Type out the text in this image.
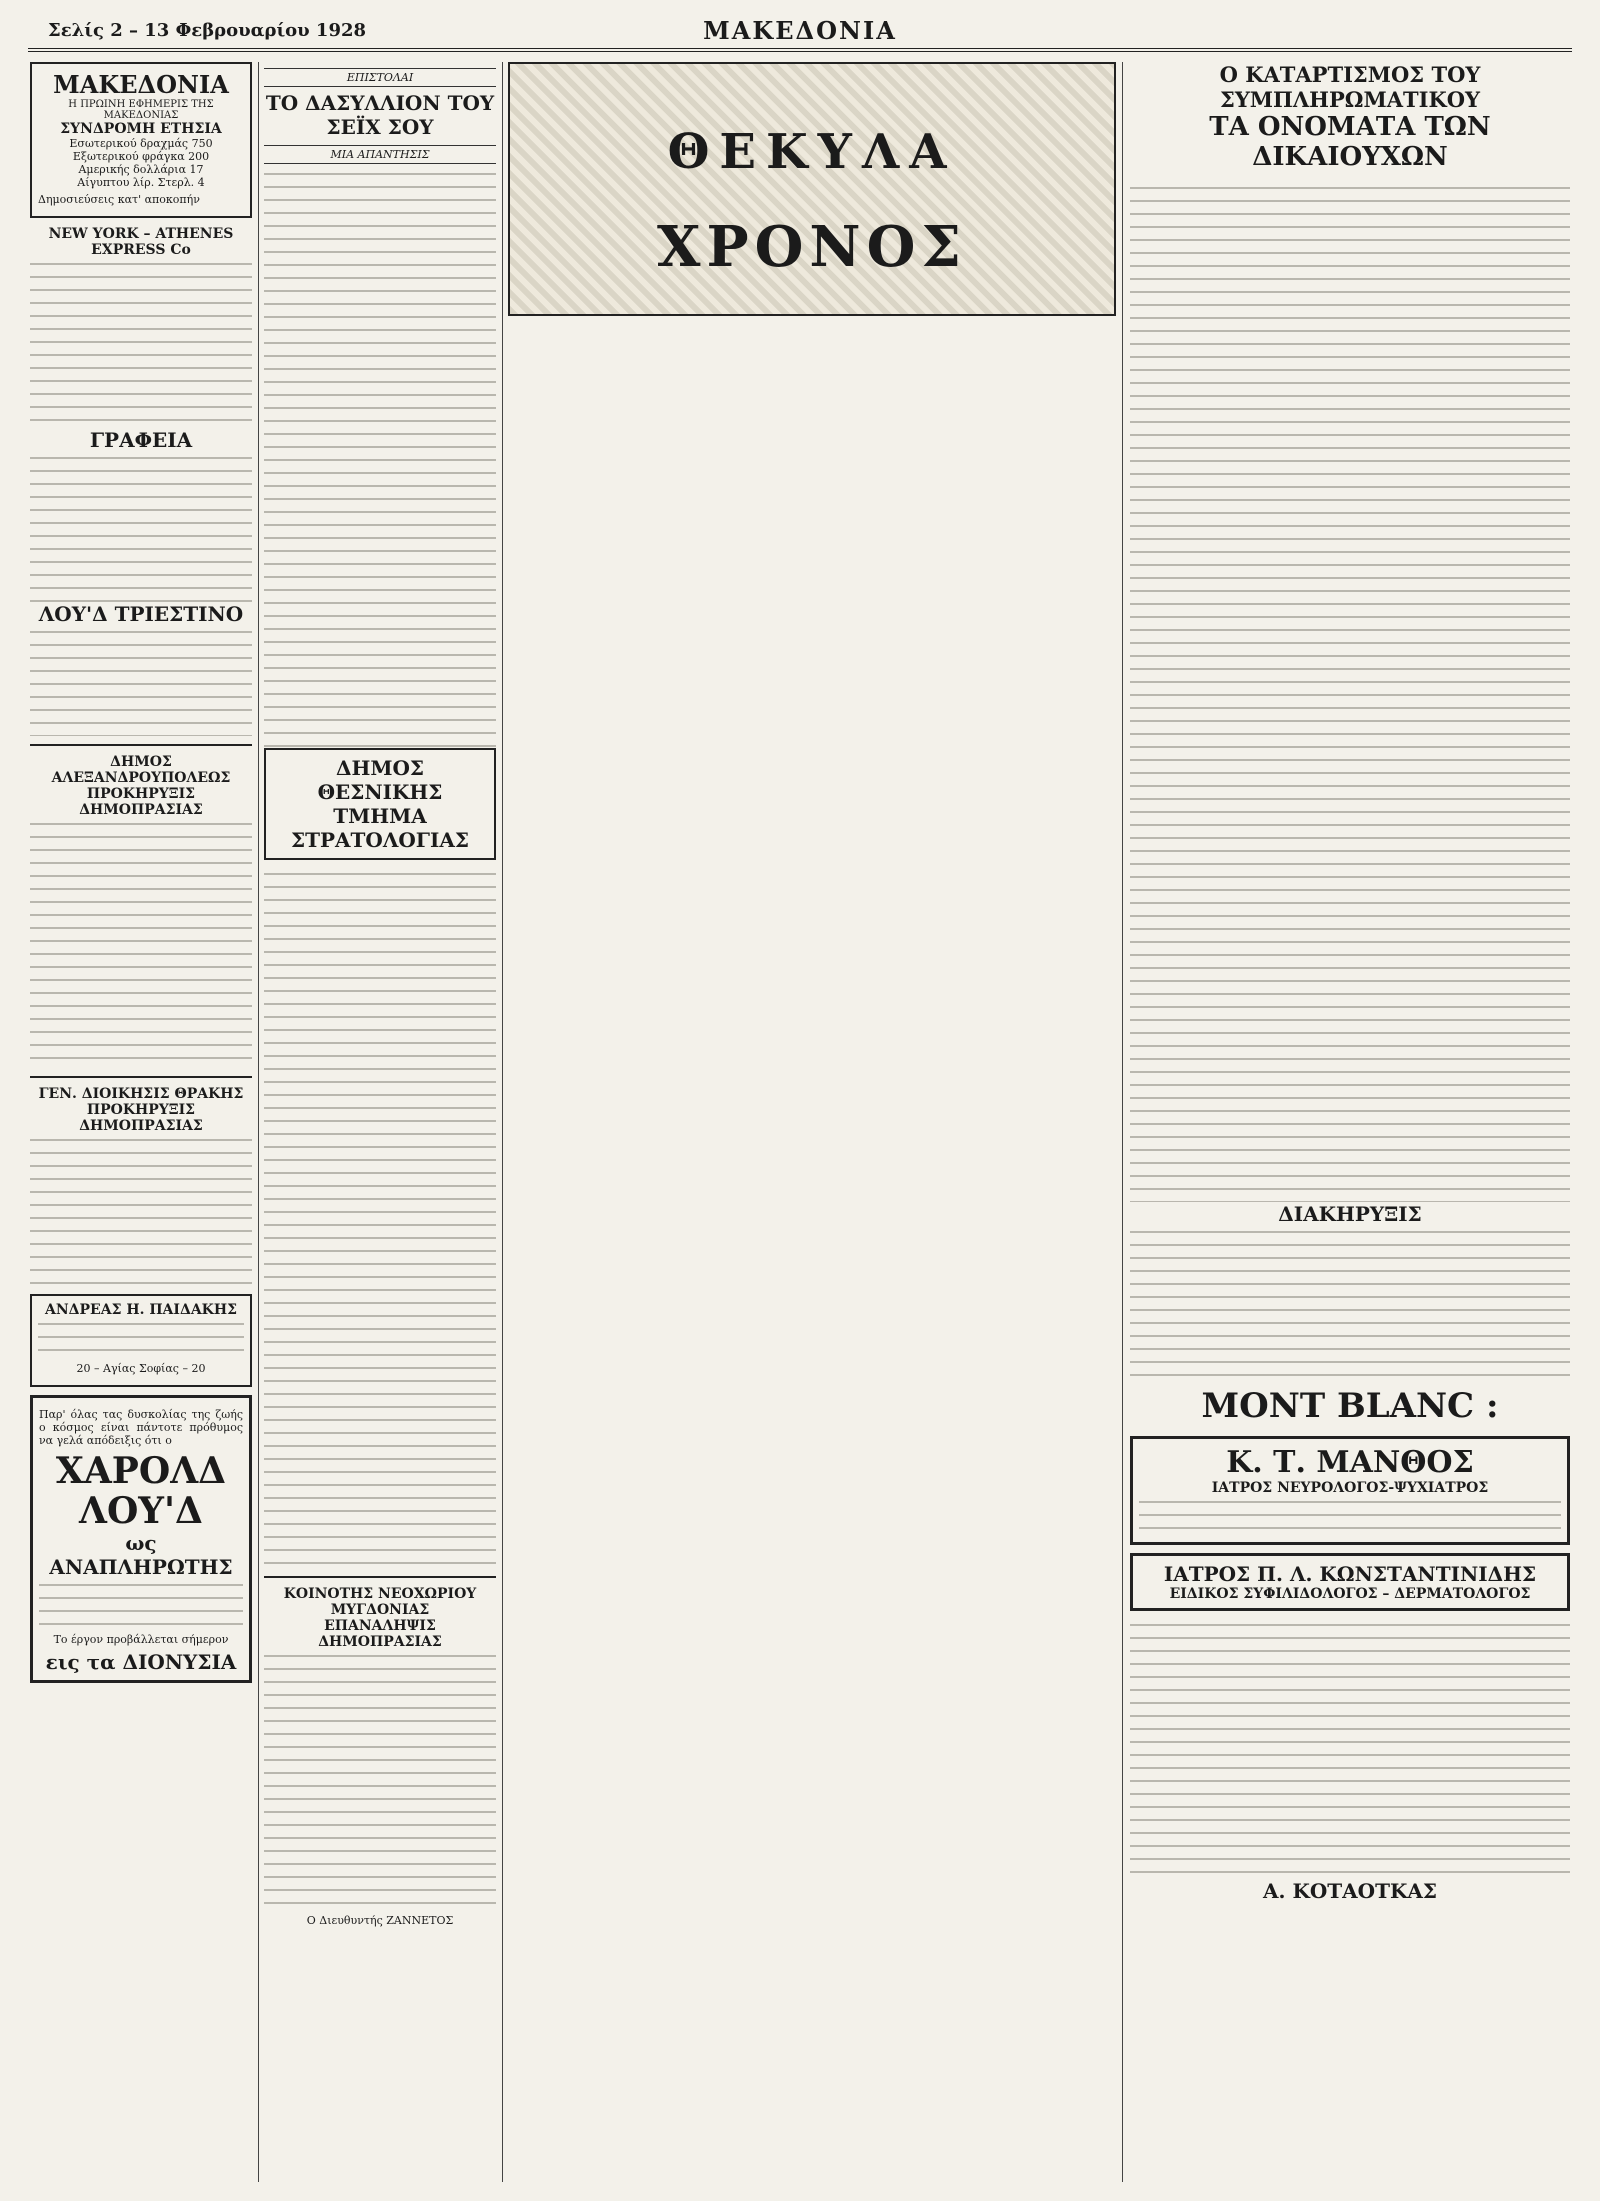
Σελίς 2 – 13 Φεβρουαρίου 1928	ΜΑΚΕΔΟΝΙΑ
ΜΑΚΕΔΟΝΙΑ
Η ΠΡΩΙΝΗ ΕΦΗΜΕΡΙΣ ΤΗΣ ΜΑΚΕΔΟΝΙΑΣ
ΣΥΝΔΡΟΜΗ ΕΤΗΣΙΑ
Εσωτερικού δραχμάς 750
Εξωτερικού φράγκα 200
Αμερικής δολλάρια 17
Αίγυπτου λίρ. Στερλ. 4
Δημοσιεύσεις κατ' αποκοπήν
NEW YORK – ATHENES EXPRESS Co
ΓΡΑΦΕΙΑ
ΛΟΥ'Δ ΤΡΙΕΣΤΙΝΟ
ΔΗΜΟΣ ΑΛΕΞΑΝΔΡΟΥΠΟΛΕΩΣ
ΠΡΟΚΗΡΥΞΙΣ ΔΗΜΟΠΡΑΣΙΑΣ
ΓΕΝ. ΔΙΟΙΚΗΣΙΣ ΘΡΑΚΗΣ
ΠΡΟΚΗΡΥΞΙΣ ΔΗΜΟΠΡΑΣΙΑΣ
ΑΝΔΡΕΑΣ Η. ΠΑΙΔΑΚΗΣ
20 – Αγίας Σοφίας – 20
Παρ' όλας τας δυσκολίας της ζωής ο κόσμος είναι πάντοτε πρόθυμος να γελά απόδειξις ότι ο
ΧΑΡΟΛΔ ΛΟΥ'Δ
ως ΑΝΑΠΛΗΡΩΤΗΣ
Το έργον προβάλλεται σήμερον
εις τα ΔΙΟΝΥΣΙΑ
ΕΠΙΣΤΟΛΑΙ
ΤΟ ΔΑΣΥΛΛΙΟΝ ΤΟΥ ΣΕΪΧ ΣΟΥ
ΜΙΑ ΑΠΑΝΤΗΣΙΣ
ΔΗΜΟΣ ΘΕΣΝΙΚΗΣ
ΤΜΗΜΑ ΣΤΡΑΤΟΛΟΓΙΑΣ
ΚΟΙΝΟΤΗΣ ΝΕΟΧΩΡΙΟΥ ΜΥΓΔΟΝΙΑΣ
ΕΠΑΝΑΛΗΨΙΣ ΔΗΜΟΠΡΑΣΙΑΣ
Ο Διευθυντής ΖΑΝΝΕΤΟΣ
ΘΕΚΥΛΑ
ΧΡΟΝΟΣ
Ο ΚΑΤΑΡΤΙΣΜΟΣ ΤΟΥ ΣΥΜΠΛΗΡΩΜΑΤΙΚΟΥ
ΤΑ ΟΝΟΜΑΤΑ ΤΩΝ ΔΙΚΑΙΟΥΧΩΝ
ΔΙΑΚΗΡΥΞΙΣ
MONT BLANC :
Κ. Τ. ΜΑΝΘΟΣ
ΙΑΤΡΟΣ ΝΕΥΡΟΛΟΓΟΣ-ΨΥΧΙΑΤΡΟΣ
ΙΑΤΡΟΣ Π. Λ. ΚΩΝΣΤΑΝΤΙΝΙΔΗΣ
ΕΙΔΙΚΟΣ ΣΥΦΙΛΙΔΟΛΟΓΟΣ – ΔΕΡΜΑΤΟΛΟΓΟΣ
Α. ΚΟΤΑΟΤΚΑΣ
